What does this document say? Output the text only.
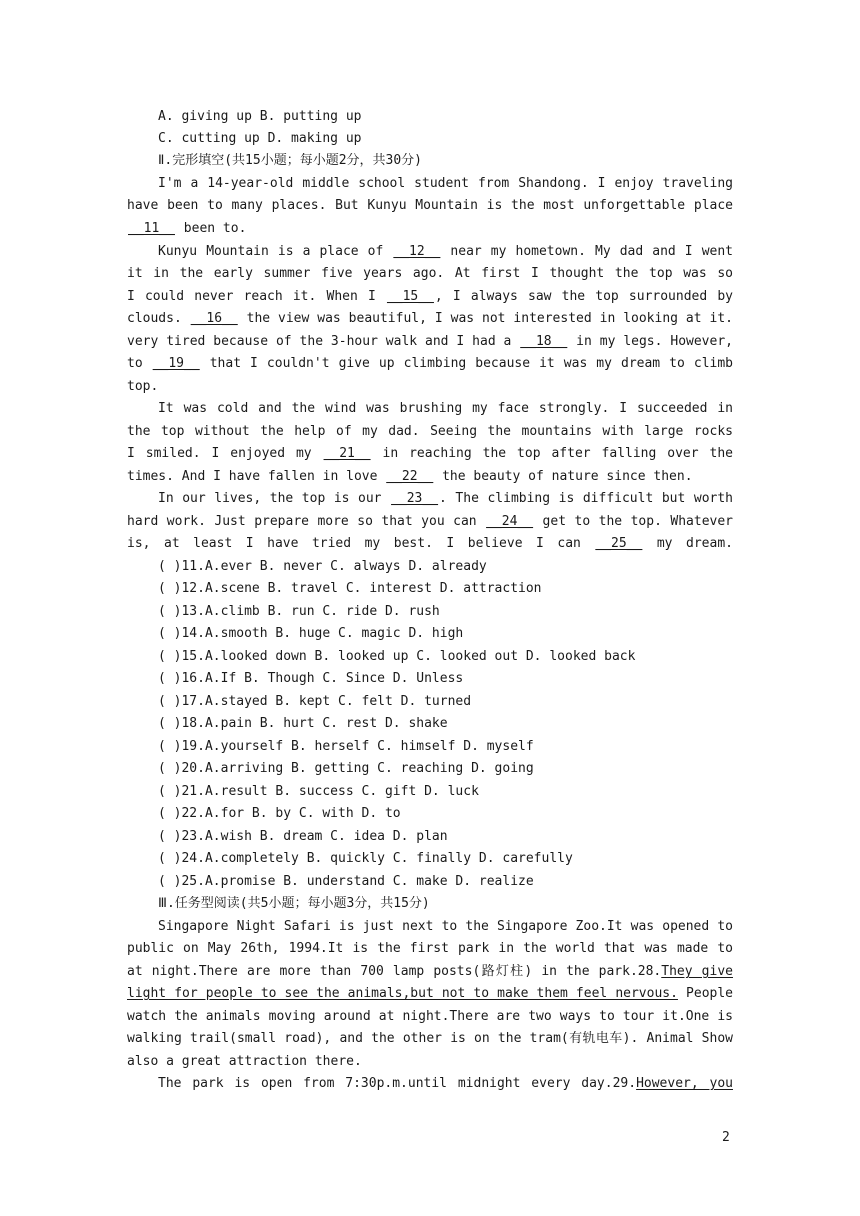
A. giving up B. putting up
C. cutting up D. making up
Ⅱ.完形填空(共15小题；每小题2分，共30分)
I'm a 14-year-old middle school student from Shandong. I enjoy traveling
have been to many places. But Kunyu Mountain is the most unforgettable place
__11__ been to.
Kunyu Mountain is a place of __12__ near my hometown. My dad and I went
it in the early summer five years ago. At first I thought the top was so
I could never reach it. When I __15__, I always saw the top surrounded by
clouds. __16__ the view was beautiful, I was not interested in looking at it.
very tired because of the 3-hour walk and I had a __18__ in my legs. However,
to __19__ that I couldn't give up climbing because it was my dream to climb
top.
It was cold and the wind was brushing my face strongly. I succeeded in
the top without the help of my dad. Seeing the mountains with large rocks
I smiled. I enjoyed my __21__ in reaching the top after falling over the
times. And I have fallen in love __22__ the beauty of nature since then.
In our lives, the top is our __23__. The climbing is difficult but worth
hard work. Just prepare more so that you can __24__ get to the top. Whatever
is, at least I have tried my best. I believe I can __25__ my dream.
( )11.A.ever B. never C. always D. already
( )12.A.scene B. travel C. interest D. attraction
( )13.A.climb B. run C. ride D. rush
( )14.A.smooth B. huge C. magic D. high
( )15.A.looked down B. looked up C. looked out D. looked back
( )16.A.If B. Though C. Since D. Unless
( )17.A.stayed B. kept C. felt D. turned
( )18.A.pain B. hurt C. rest D. shake
( )19.A.yourself B. herself C. himself D. myself
( )20.A.arriving B. getting C. reaching D. going
( )21.A.result B. success C. gift D. luck
( )22.A.for B. by C. with D. to
( )23.A.wish B. dream C. idea D. plan
( )24.A.completely B. quickly C. finally D. carefully
( )25.A.promise B. understand C. make D. realize
Ⅲ.任务型阅读(共5小题；每小题3分，共15分)
Singapore Night Safari is just next to the Singapore Zoo.It was opened to
public on May 26th, 1994.It is the first park in the world that was made to
at night.There are more than 700 lamp posts(路灯柱) in the park.28.They give
light for people to see the animals,but not to make them feel nervous. People
watch the animals moving around at night.There are two ways to tour it.One is
walking trail(small road), and the other is on the tram(有轨电车). Animal Show
also a great attraction there.
The park is open from 7:30p.m.until midnight every day.29.However, you
2
